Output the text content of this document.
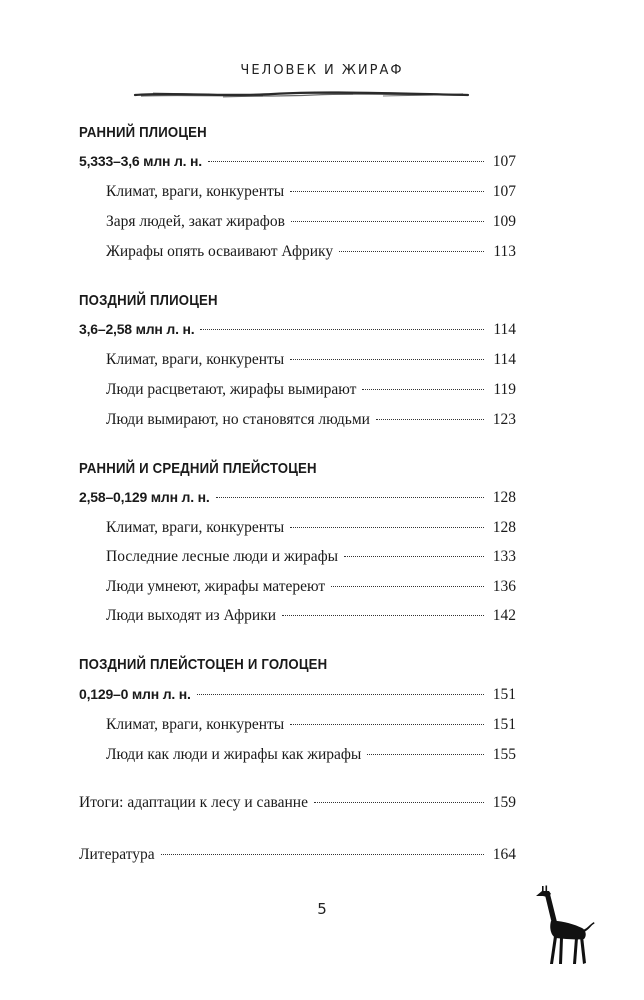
ЧЕЛОВЕК И ЖИРАФ
РАННИЙ ПЛИОЦЕН
5,333–3,6 млн л. н.	107
Климат, враги, конкуренты	107
Заря людей, закат жирафов	109
Жирафы опять осваивают Африку	113
ПОЗДНИЙ ПЛИОЦЕН
3,6–2,58 млн л. н.	114
Климат, враги, конкуренты	114
Люди расцветают, жирафы вымирают	119
Люди вымирают, но становятся людьми	123
РАННИЙ И СРЕДНИЙ ПЛЕЙСТОЦЕН
2,58–0,129 млн л. н.	128
Климат, враги, конкуренты	128
Последние лесные люди и жирафы	133
Люди умнеют, жирафы матереют	136
Люди выходят из Африки	142
ПОЗДНИЙ ПЛЕЙСТОЦЕН И ГОЛОЦЕН
0,129–0 млн л. н.	151
Климат, враги, конкуренты	151
Люди как люди и жирафы как жирафы	155
Итоги: адаптации к лесу и саванне	159
Литература	164
5
